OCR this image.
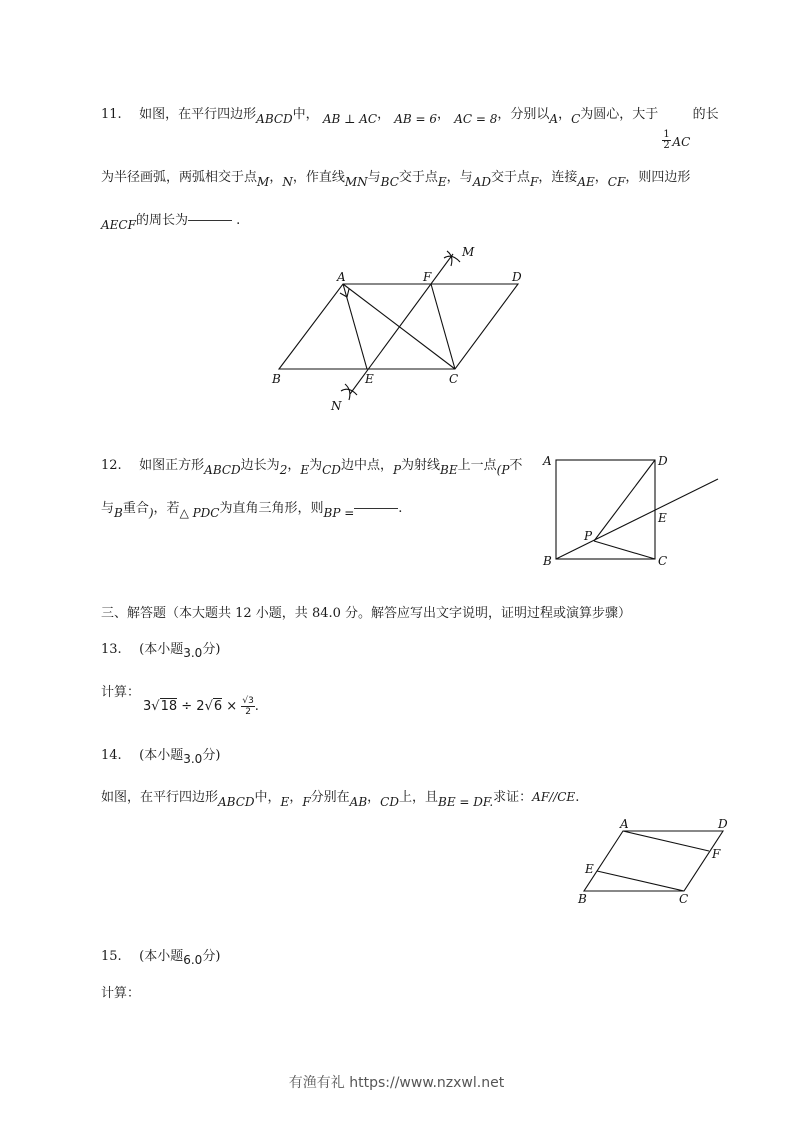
11. 如图，在平行四边形ABCD中， AB ⊥ AC， AB = 6， AC = 8，分别以A，C为圆心，大于
$\frac{1}{2}$ AC
的长
为半径画弧，两弧相交于点M，N，作直线MN与BC交于点E，与AD交于点F，连接AE，CF，则四边形
AECF的周长为	.
A	F	D
B	E	C
M
N
12. 如图正方形ABCD边长为2，E为CD边中点，P为射线BE上一点(P不
与B重合)，若△ PDC为直角三角形，则BP =	.
A	D
E
P
B	C
三、解答题（本大题共 12 小题，共 84.0 分。解答应写出文字说明，证明过程或演算步骤）
13. (本小题3.0分)
计算：
$3√18 \div 2√6 \times \frac{√3}{2}$ .
14. (本小题3.0分)
如图，在平行四边形ABCD中，E，F分别在AB，CD上，且BE = DF.求证：AF//CE.
A	D
F
E
B	C
15. (本小题6.0分)
计算：
有渔有礼 https://www.nzxwl.net
